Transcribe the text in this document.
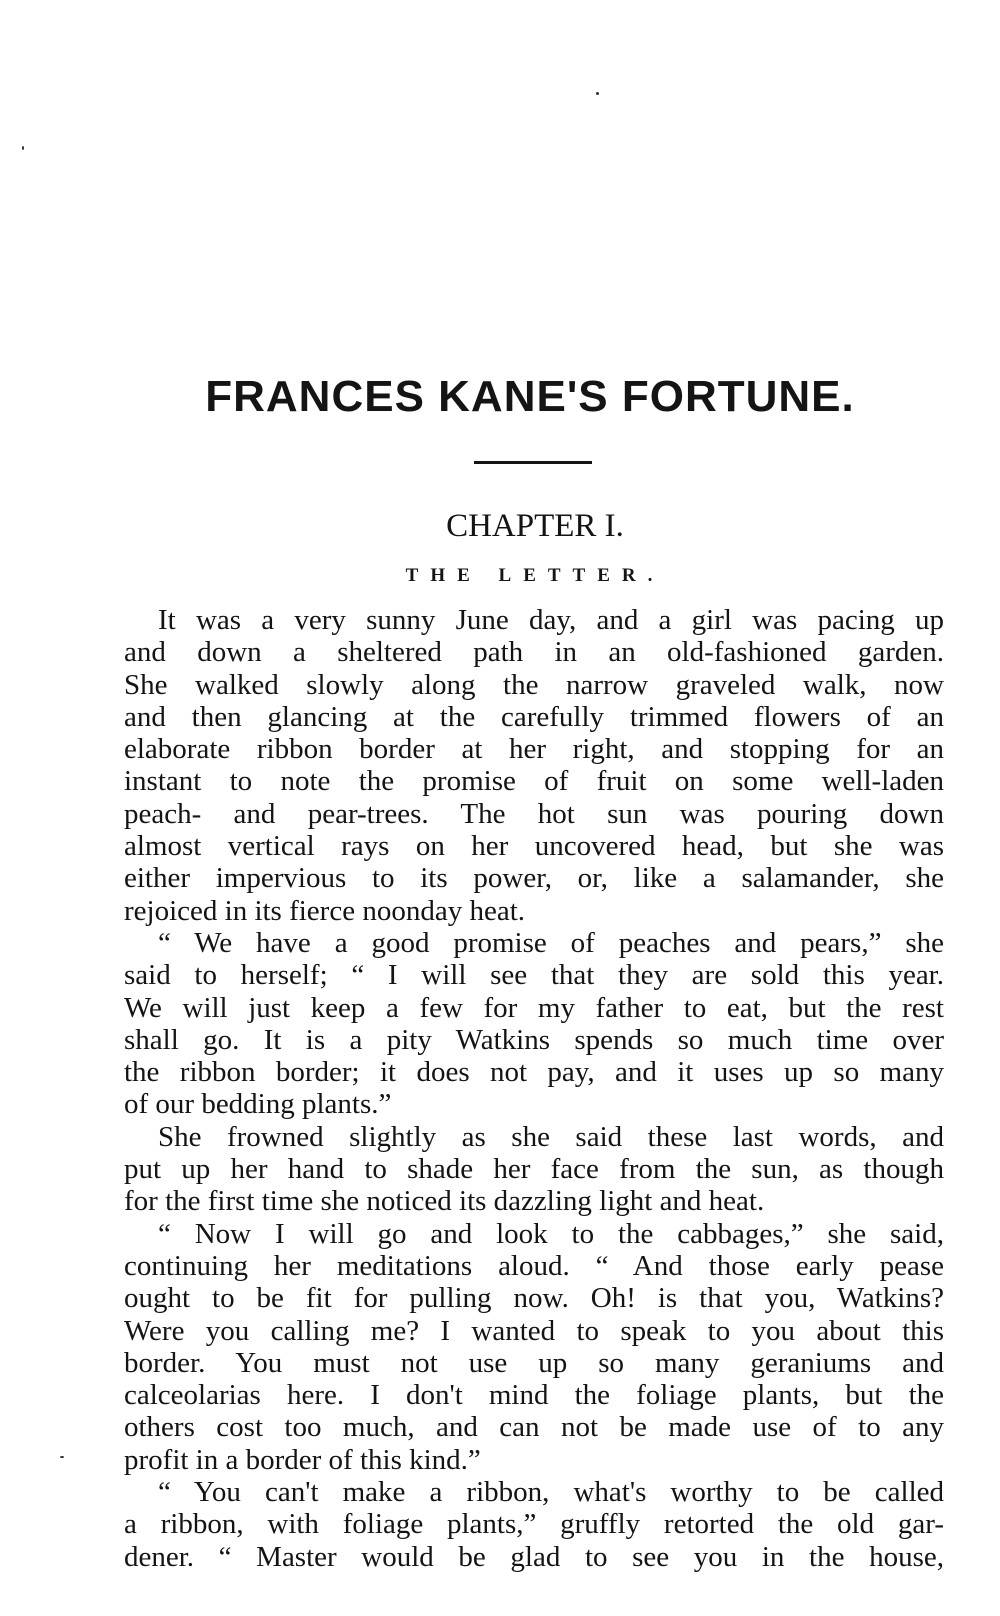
FRANCES KANE'S FORTUNE.
CHAPTER I.
THE LETTER.
It was a very sunny June day, and a girl was pacing up
and down a sheltered path in an old-fashioned garden.
She walked slowly along the narrow graveled walk, now
and then glancing at the carefully trimmed flowers of an
elaborate ribbon border at her right, and stopping for an
instant to note the promise of fruit on some well-laden
peach- and pear-trees. The hot sun was pouring down
almost vertical rays on her uncovered head, but she was
either impervious to its power, or, like a salamander, she
rejoiced in its fierce noonday heat.
“ We have a good promise of peaches and pears,” she
said to herself; “ I will see that they are sold this year.
We will just keep a few for my father to eat, but the rest
shall go. It is a pity Watkins spends so much time over
the ribbon border; it does not pay, and it uses up so many
of our bedding plants.”
She frowned slightly as she said these last words, and
put up her hand to shade her face from the sun, as though
for the first time she noticed its dazzling light and heat.
“ Now I will go and look to the cabbages,” she said,
continuing her meditations aloud. “ And those early pease
ought to be fit for pulling now. Oh! is that you, Watkins?
Were you calling me? I wanted to speak to you about this
border. You must not use up so many geraniums and
calceolarias here. I don't mind the foliage plants, but the
others cost too much, and can not be made use of to any
profit in a border of this kind.”
“ You can't make a ribbon, what's worthy to be called
a ribbon, with foliage plants,” gruffly retorted the old gar-
dener. “ Master would be glad to see you in the house,
